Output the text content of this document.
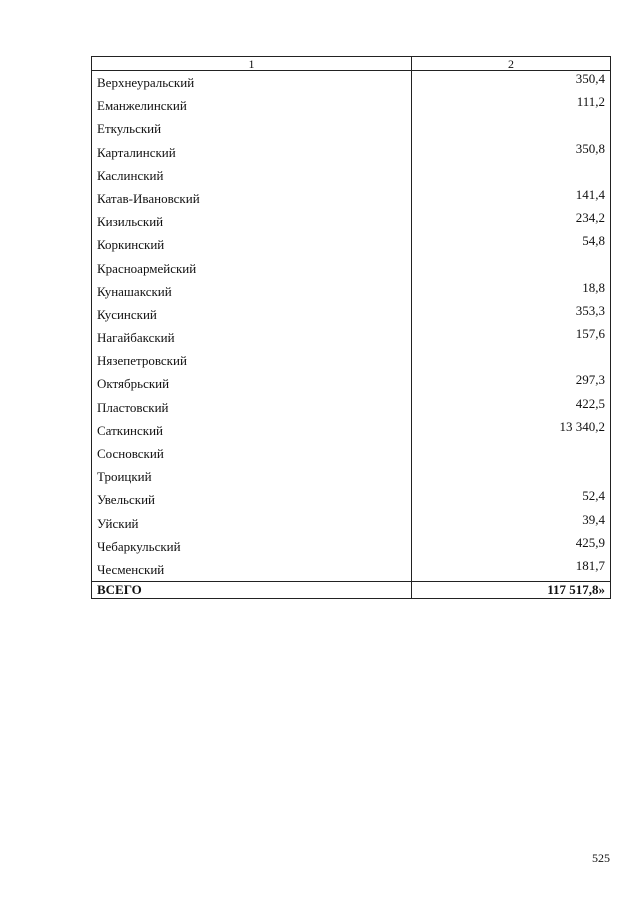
1	2
Верхнеуральский	350,4
Еманжелинский	111,2
Еткульский	
Карталинский	350,8
Каслинский	
Катав-Ивановский	141,4
Кизильский	234,2
Коркинский	54,8
Красноармейский	
Кунашакский	18,8
Кусинский	353,3
Нагайбакский	157,6
Нязепетровский	
Октябрьский	297,3
Пластовский	422,5
Саткинский	13 340,2
Сосновский	
Троицкий	
Увельский	52,4
Уйский	39,4
Чебаркульский	425,9
Чесменский	181,7
ВСЕГО	117 517,8»
525
